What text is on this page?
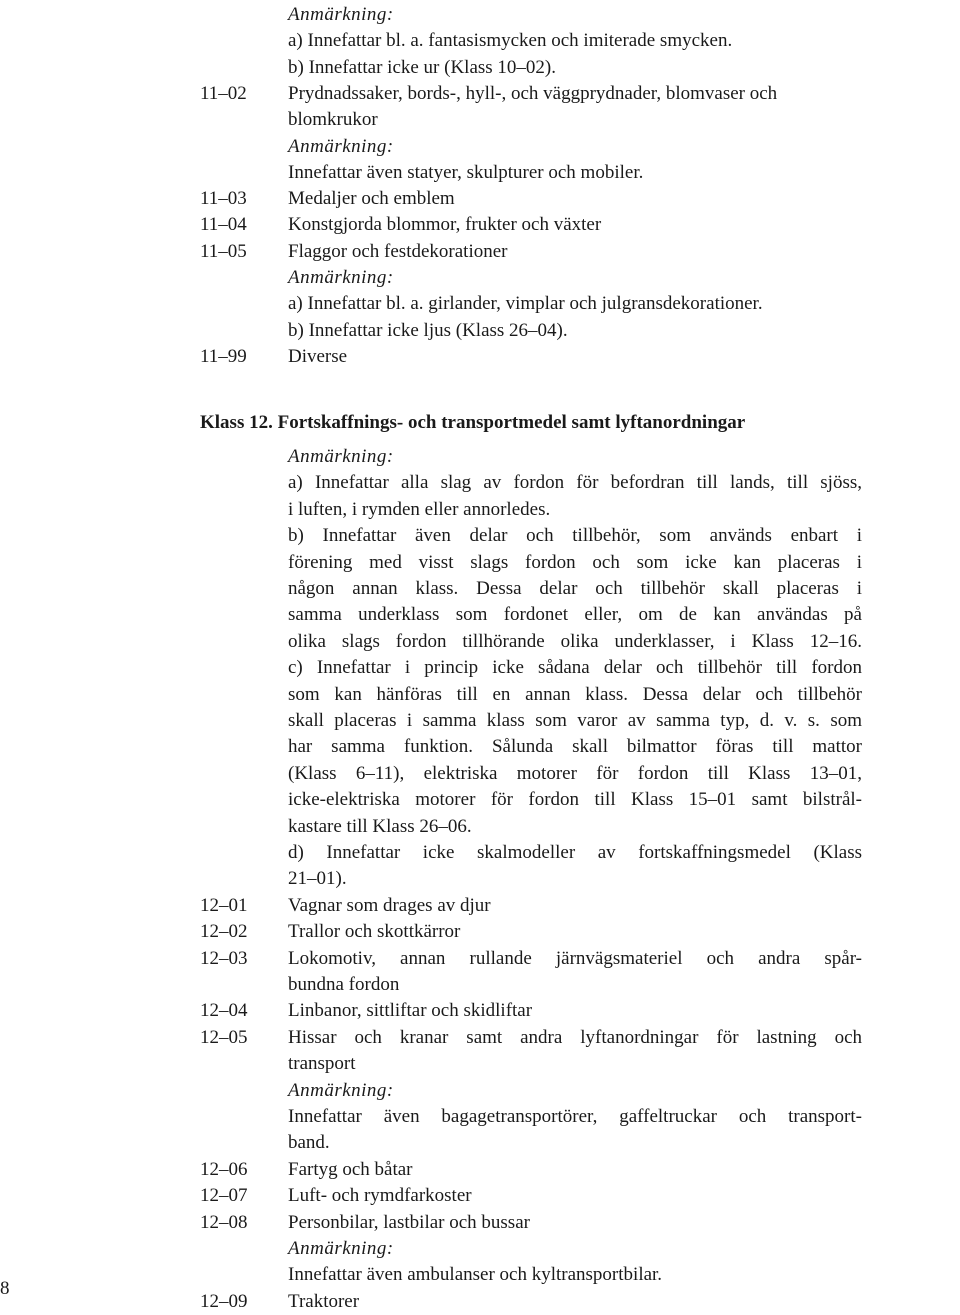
Anmärkning:
a) Innefattar bl. a. fantasismycken och imiterade smycken.
b) Innefattar icke ur (Klass 10–02).
11–02	Prydnadssaker, bords-, hyll-, och väggprydnader, blomvaser och
blomkrukor
Anmärkning:
Innefattar även statyer, skulpturer och mobiler.
11–03	Medaljer och emblem
11–04	Konstgjorda blommor, frukter och växter
11–05	Flaggor och festdekorationer
Anmärkning:
a) Innefattar bl. a. girlander, vimplar och julgransdekorationer.
b) Innefattar icke ljus (Klass 26–04).
11–99	Diverse
Klass 12. Fortskaffnings- och transportmedel samt lyftanordningar
Anmärkning:
a) Innefattar alla slag av fordon för befordran till lands, till sjöss,
i luften, i rymden eller annorledes.
b) Innefattar även delar och tillbehör, som används enbart i
förening med visst slags fordon och som icke kan placeras i
någon annan klass. Dessa delar och tillbehör skall placeras i
samma underklass som fordonet eller, om de kan användas på
olika slags fordon tillhörande olika underklasser, i Klass 12–16.
c) Innefattar i princip icke sådana delar och tillbehör till fordon
som kan hänföras till en annan klass. Dessa delar och tillbehör
skall placeras i samma klass som varor av samma typ, d. v. s. som
har samma funktion. Sålunda skall bilmattor föras till mattor
(Klass 6–11), elektriska motorer för fordon till Klass 13–01,
icke-elektriska motorer för fordon till Klass 15–01 samt bilstrål-
kastare till Klass 26–06.
d) Innefattar icke skalmodeller av fortskaffningsmedel (Klass
21–01).
12–01	Vagnar som drages av djur
12–02	Trallor och skottkärror
12–03	Lokomotiv, annan rullande järnvägsmateriel och andra spår-
bundna fordon
12–04	Linbanor, sittliftar och skidliftar
12–05	Hissar och kranar samt andra lyftanordningar för lastning och
transport
Anmärkning:
Innefattar även bagagetransportörer, gaffeltruckar och transport-
band.
12–06	Fartyg och båtar
12–07	Luft- och rymdfarkoster
12–08	Personbilar, lastbilar och bussar
Anmärkning:
Innefattar även ambulanser och kyltransportbilar.
12–09	Traktorer
8
